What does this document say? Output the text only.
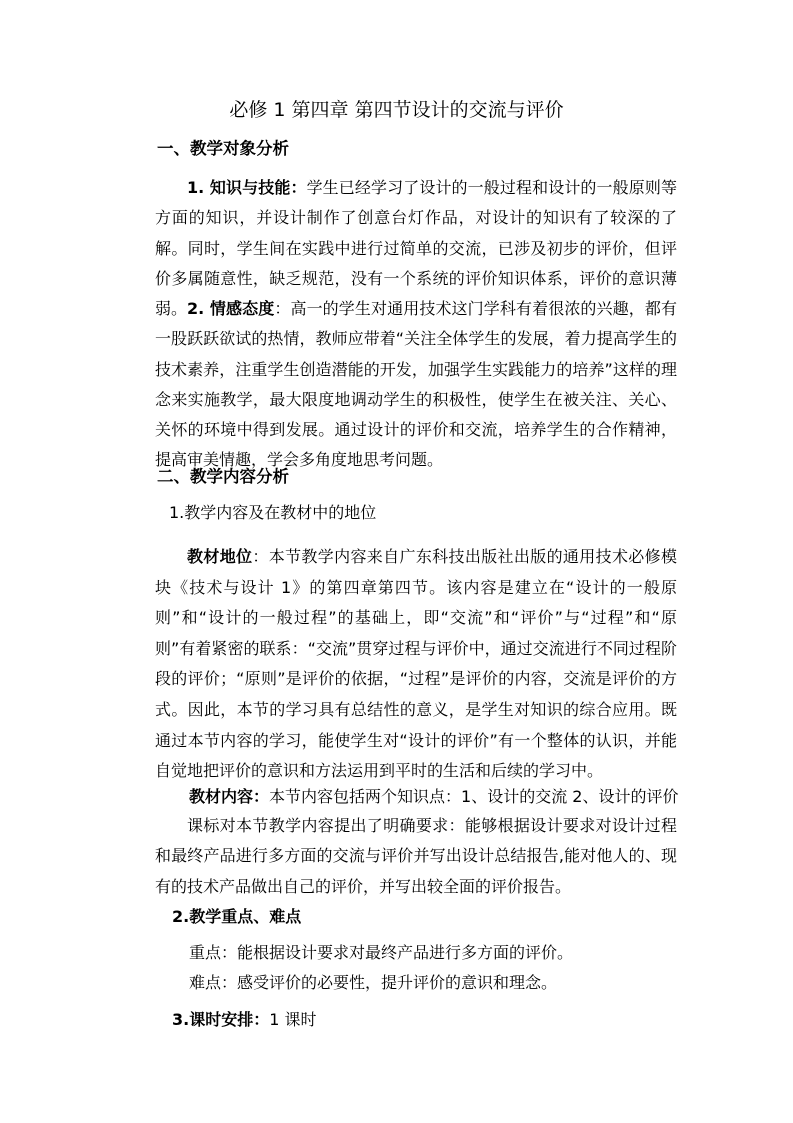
必修 1 第四章 第四节设计的交流与评价
一、教学对象分析
1. 知识与技能：学生已经学习了设计的一般过程和设计的一般原则等方面的知识，并设计制作了创意台灯作品，对设计的知识有了较深的了解。同时，学生间在实践中进行过简单的交流，已涉及初步的评价，但评价多属随意性，缺乏规范，没有一个系统的评价知识体系，评价的意识薄弱。 2. 情感态度：高一的学生对通用技术这门学科有着很浓的兴趣，都有一股跃跃欲试的热情，教师应带着“关注全体学生的发展，着力提高学生的技术素养，注重学生创造潜能的开发，加强学生实践能力的培养”这样的理念来实施教学，最大限度地调动学生的积极性，使学生在被关注、关心、关怀的环境中得到发展。通过设计的评价和交流，培养学生的合作精神，提高审美情趣，学会多角度地思考问题。
二、教学内容分析
1.教学内容及在教材中的地位
教材地位：本节教学内容来自广东科技出版社出版的通用技术必修模块《技术与设计 1》的第四章第四节。该内容是建立在“设计的一般原则”和“设计的一般过程”的基础上，即“交流”和“评价”与“过程”和“原则”有着紧密的联系：“交流”贯穿过程与评价中，通过交流进行不同过程阶段的评价；“原则”是评价的依据，“过程”是评价的内容，交流是评价的方式。因此，本节的学习具有总结性的意义，是学生对知识的综合应用。既通过本节内容的学习，能使学生对“设计的评价”有一个整体的认识，并能自觉地把评价的意识和方法运用到平时的生活和后续的学习中。
教材内容：本节内容包括两个知识点：1、设计的交流 2、设计的评价
课标对本节教学内容提出了明确要求：能够根据设计要求对设计过程和最终产品进行多方面的交流与评价并写出设计总结报告,能对他人的、现有的技术产品做出自己的评价，并写出较全面的评价报告。
2.教学重点、难点
重点：能根据设计要求对最终产品进行多方面的评价。
难点：感受评价的必要性，提升评价的意识和理念。
3.课时安排：1 课时
